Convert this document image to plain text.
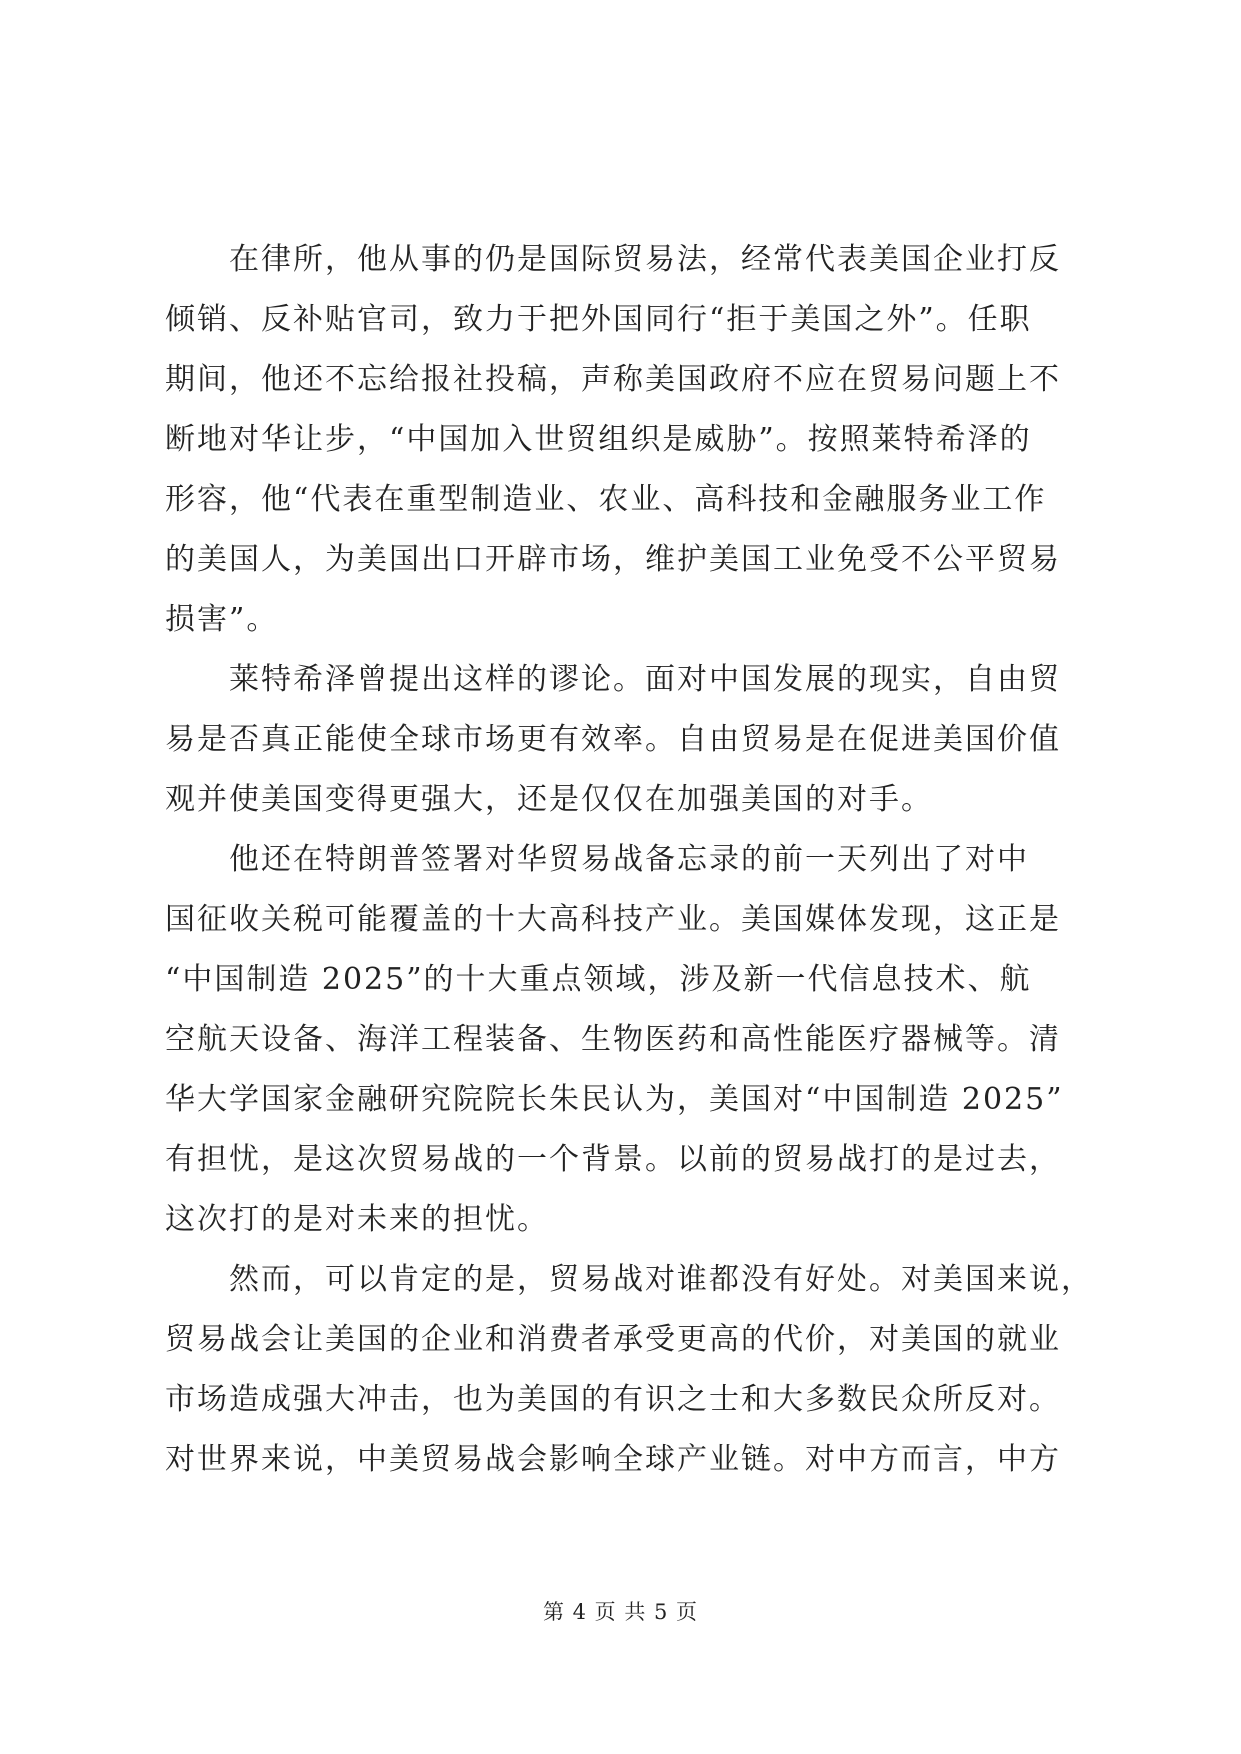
在律所，他从事的仍是国际贸易法，经常代表美国企业打反
倾销、反补贴官司，致力于把外国同行“拒于美国之外”。任职
期间，他还不忘给报社投稿，声称美国政府不应在贸易问题上不
断地对华让步，“中国加入世贸组织是威胁”。按照莱特希泽的
形容，他“代表在重型制造业、农业、高科技和金融服务业工作
的美国人，为美国出口开辟市场，维护美国工业免受不公平贸易
损害”。

莱特希泽曾提出这样的谬论。面对中国发展的现实，自由贸
易是否真正能使全球市场更有效率。自由贸易是在促进美国价值
观并使美国变得更强大，还是仅仅在加强美国的对手。

他还在特朗普签署对华贸易战备忘录的前一天列出了对中
国征收关税可能覆盖的十大高科技产业。美国媒体发现，这正是
“中国制造 2025”的十大重点领域，涉及新一代信息技术、航
空航天设备、海洋工程装备、生物医药和高性能医疗器械等。清
华大学国家金融研究院院长朱民认为，美国对“中国制造 2025”
有担忧，是这次贸易战的一个背景。以前的贸易战打的是过去，
这次打的是对未来的担忧。

然而，可以肯定的是，贸易战对谁都没有好处。对美国来说，
贸易战会让美国的企业和消费者承受更高的代价，对美国的就业
市场造成强大冲击，也为美国的有识之士和大多数民众所反对。
对世界来说，中美贸易战会影响全球产业链。对中方而言，中方

第 4 页 共 5 页
